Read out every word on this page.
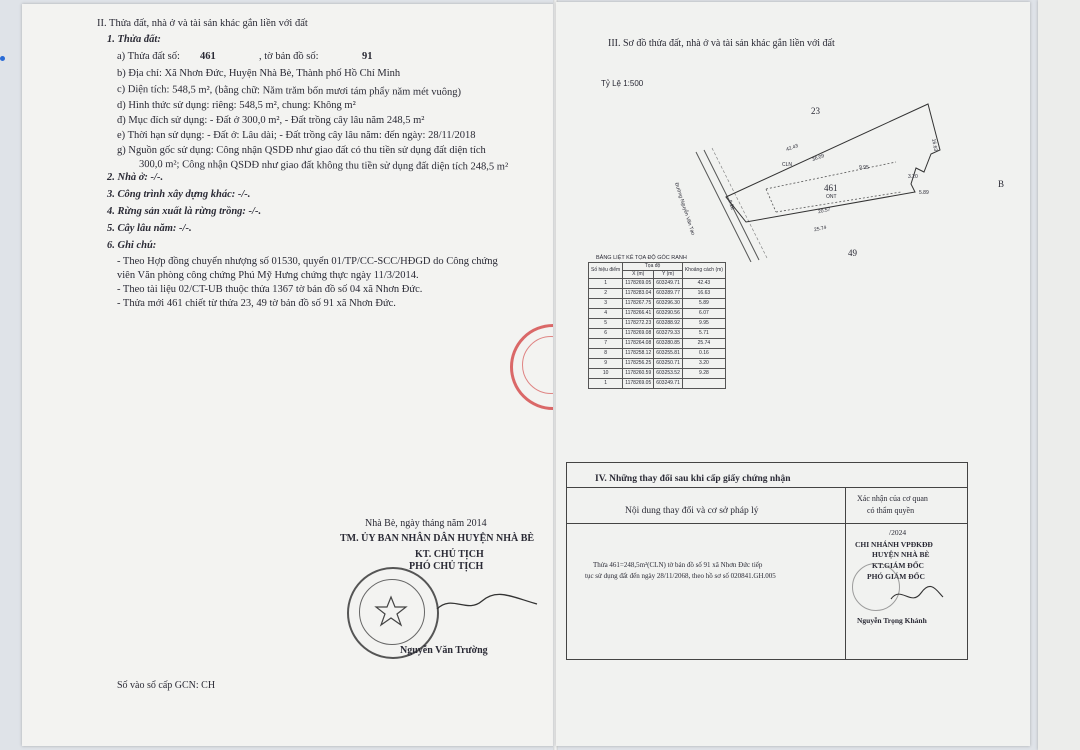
II. Thửa đất, nhà ở và tài sản khác gắn liền với đất
1. Thửa đất:
a) Thửa đất số: 461	, tờ bản đồ số:	91
b) Địa chỉ: Xã Nhơn Đức, Huyện Nhà Bè, Thành phố Hồ Chí Minh
c) Diện tích: 548,5 m², (bằng chữ: Năm trăm bốn mươi tám phẩy năm mét vuông)
d) Hình thức sử dụng: riêng: 548,5 m², chung: Không m²
đ) Mục đích sử dụng: - Đất ở 300,0 m², - Đất trồng cây lâu năm 248,5 m²
e) Thời hạn sử dụng: - Đất ở: Lâu dài; - Đất trồng cây lâu năm: đến ngày: 28/11/2018
g) Nguồn gốc sử dụng: Công nhận QSDĐ như giao đất có thu tiền sử dụng đất diện tích
300,0 m²; Công nhận QSDĐ như giao đất không thu tiền sử dụng đất diện tích 248,5 m²
2. Nhà ở: -/-.
3. Công trình xây dựng khác: -/-.
4. Rừng sản xuất là rừng trồng: -/-.
5. Cây lâu năm: -/-.
6. Ghi chú:
- Theo Hợp đồng chuyển nhượng số 01530, quyển 01/TP/CC-SCC/HĐGD do Công chứng
viên Văn phòng công chứng Phú Mỹ Hưng chứng thực ngày 11/3/2014.
- Theo tài liệu 02/CT-UB thuộc thửa 1367 tờ bản đồ số 04 xã Nhơn Đức.
- Thửa mới 461 chiết từ thửa 23, 49 tờ bản đồ số 91 xã Nhơn Đức.
Nhà Bè, ngày tháng năm 2014
TM. ỦY BAN NHÂN DÂN HUYỆN NHÀ BÈ
KT. CHỦ TỊCH
PHÓ CHỦ TỊCH
Nguyễn Văn Trường
Số vào sổ cấp GCN: CH
III. Sơ đồ thửa đất, nhà ở và tài sản khác gắn liền với đất
Tỷ Lệ 1:500
23
49
461
ONT
CLN
Đường Nguyễn Văn Tạo
42.43
36.09
9.95
20.57
25.74
16.63
5.89
3.20
9.28
B
BẢNG LIỆT KÊ TỌA ĐỘ GÓC RANH
IV. Những thay đổi sau khi cấp giấy chứng nhận
Nội dung thay đổi và cơ sở pháp lý
Xác nhận của cơ quan
có thẩm quyền
Thửa 461=248,5m²(CLN) tờ bản đồ số 91 xã Nhơn Đức tiếp
tục sử dụng đất đến ngày 28/11/2068, theo hồ sơ số 020841.GH.005
/2024
CHI NHÁNH VPĐKĐĐ
HUYỆN NHÀ BÈ
KT.GIÁM ĐỐC
PHÓ GIÁM ĐỐC
Nguyễn Trọng Khánh
Số hiệu điểm	Tọa độ		Khoảng cách (m)
	X (m)	Y (m)	
1	1178269.05	603249.71	42.43
2	1178283.04	603289.77	16.63
3	1178267.75	603296.30	5.89
4	1178266.41	603290.56	6.07
5	1178272.23	603288.92	9.95
6	1178269.08	603279.33	5.71
7	1178264.08	603280.85	25.74
8	1178258.12	603255.81	0.16
9	1178256.25	603250.71	3.20
10	1178260.59	603253.52	9.28
1	1178269.05	603249.71	
